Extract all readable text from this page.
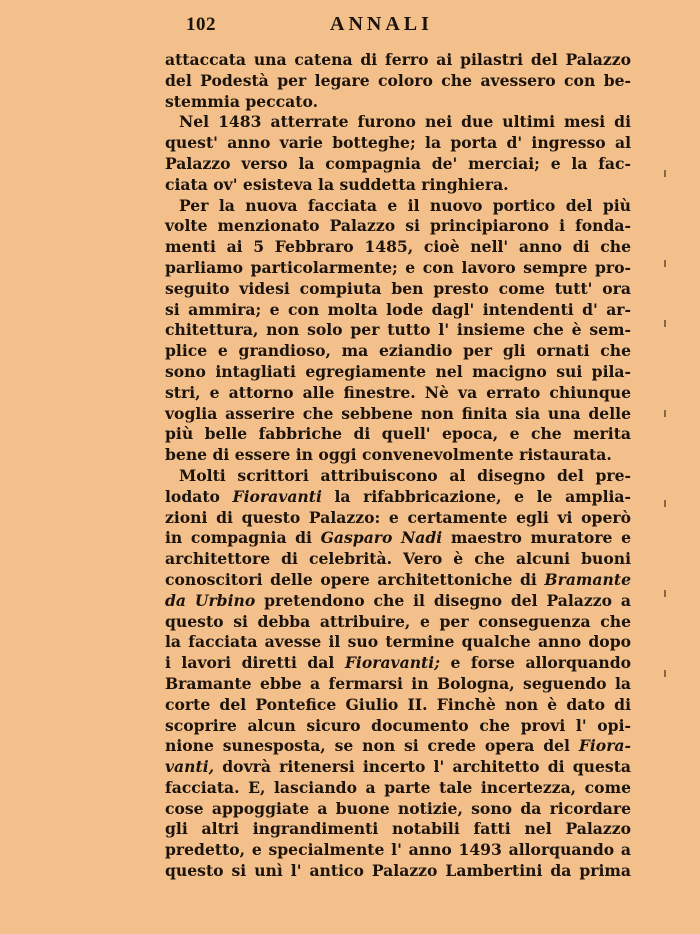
102	ANNALI
attaccata una catena di ferro ai pilastri del Palazzo
del Podestà per legare coloro che avessero con be-
stemmia peccato.
Nel 1483 atterrate furono nei due ultimi mesi di
quest' anno varie botteghe; la porta d' ingresso al
Palazzo verso la compagnia de' merciai; e la fac-
ciata ov' esisteva la suddetta ringhiera.
Per la nuova facciata e il nuovo portico del più
volte menzionato Palazzo si principiarono i fonda-
menti ai 5 Febbraro 1485, cioè nell' anno di che
parliamo particolarmente; e con lavoro sempre pro-
seguito videsi compiuta ben presto come tutt' ora
si ammira; e con molta lode dagl' intendenti d' ar-
chitettura, non solo per tutto l' insieme che è sem-
plice e grandioso, ma eziandio per gli ornati che
sono intagliati egregiamente nel macigno sui pila-
stri, e attorno alle finestre. Nè va errato chiunque
voglia asserire che sebbene non finita sia una delle
più belle fabbriche di quell' epoca, e che merita
bene di essere in oggi convenevolmente ristaurata.
Molti scrittori attribuiscono al disegno del pre-
lodato Fioravanti la rifabbricazione, e le amplia-
zioni di questo Palazzo: e certamente egli vi operò
in compagnia di Gasparo Nadi maestro muratore e
architettore di celebrità. Vero è che alcuni buoni
conoscitori delle opere architettoniche di Bramante
da Urbino pretendono che il disegno del Palazzo a
questo si debba attribuire, e per conseguenza che
la facciata avesse il suo termine qualche anno dopo
i lavori diretti dal Fioravanti; e forse allorquando
Bramante ebbe a fermarsi in Bologna, seguendo la
corte del Pontefice Giulio II. Finchè non è dato di
scoprire alcun sicuro documento che provi l' opi-
nione sunesposta, se non si crede opera del Fiora-
vanti, dovrà ritenersi incerto l' architetto di questa
facciata. E, lasciando a parte tale incertezza, come
cose appoggiate a buone notizie, sono da ricordare
gli altri ingrandimenti notabili fatti nel Palazzo
predetto, e specialmente l' anno 1493 allorquando a
questo si unì l' antico Palazzo Lambertini da prima
